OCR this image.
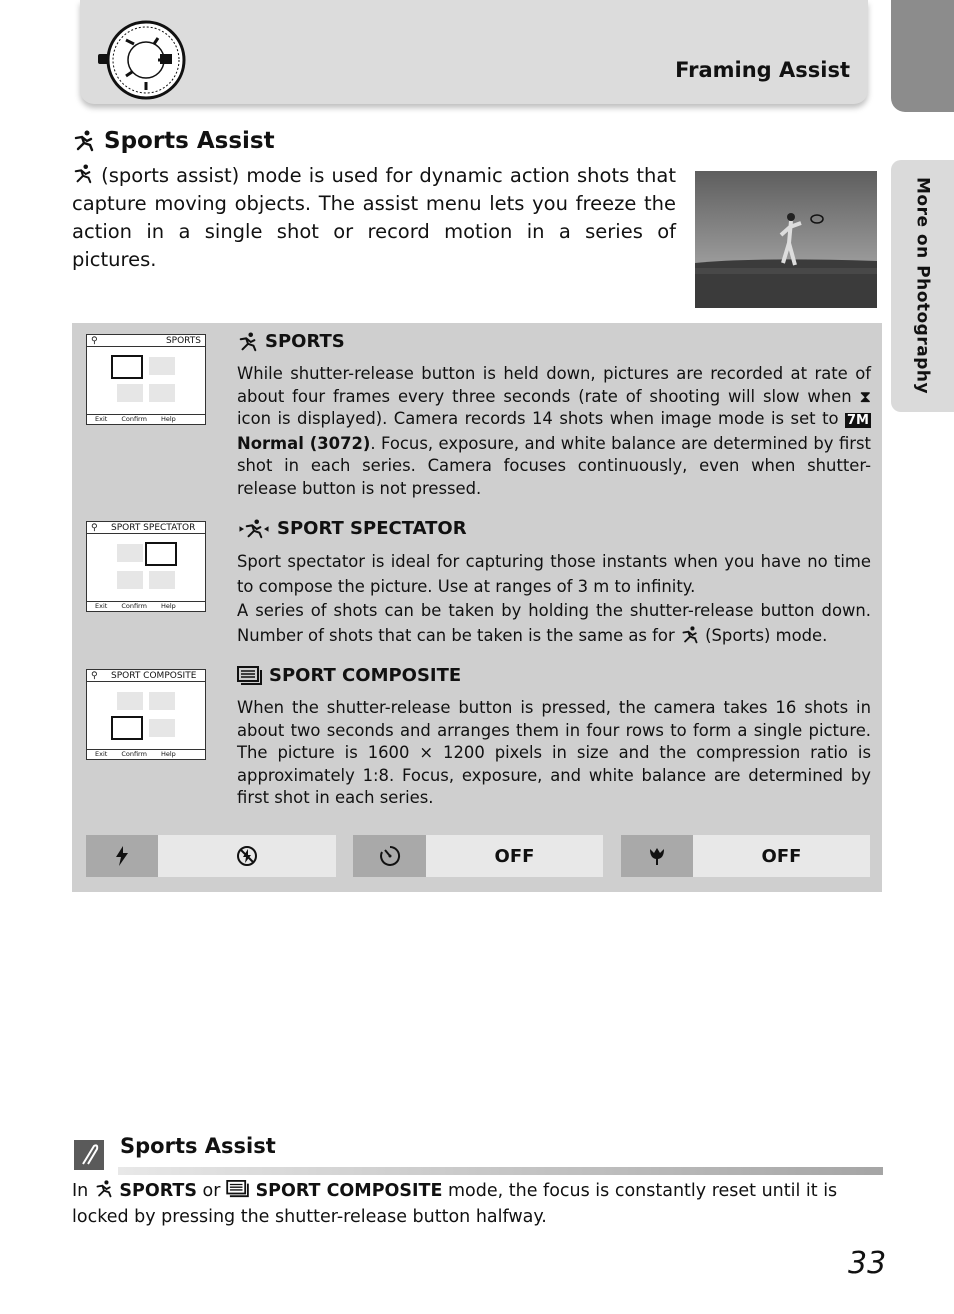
Framing Assist
More on Photography
Sports Assist
(sports assist) mode is used for dynamic action shots that capture moving objects. The assist menu lets you freeze the action in a single shot or record motion in a series of pictures.
⚲	SPORTS
Exit Confirm Help
SPORTS
While shutter-release button is held down, pictures are recorded at rate of about four frames every three seconds (rate of shooting will slow when ⧗ icon is displayed). Camera records 14 shots when image mode is set to 7M Normal (3072). Focus, exposure, and white balance are determined by first shot in each series. Camera focuses continuously, even when shutter-release button is not pressed.
⚲ SPORT SPECTATOR
Exit Confirm Help
SPORT SPECTATOR
Sport spectator is ideal for capturing those instants when you have no time to compose the picture. Use at ranges of 3 m to infinity.
A series of shots can be taken by holding the shutter-release button down. Number of shots that can be taken is the same as for  (Sports) mode.
⚲ SPORT COMPOSITE
Exit Confirm Help
SPORT COMPOSITE
When the shutter-release button is pressed, the camera takes 16 shots in about two seconds and arranges them in four rows to form a single picture. The picture is 1600 × 1200 pixels in size and the compression ratio is approximately 1:8. Focus, exposure, and white balance are determined by first shot in each series.
OFF	OFF
Sports Assist
In  SPORTS or  SPORT COMPOSITE mode, the focus is constantly reset until it is locked by pressing the shutter-release button halfway.
33
